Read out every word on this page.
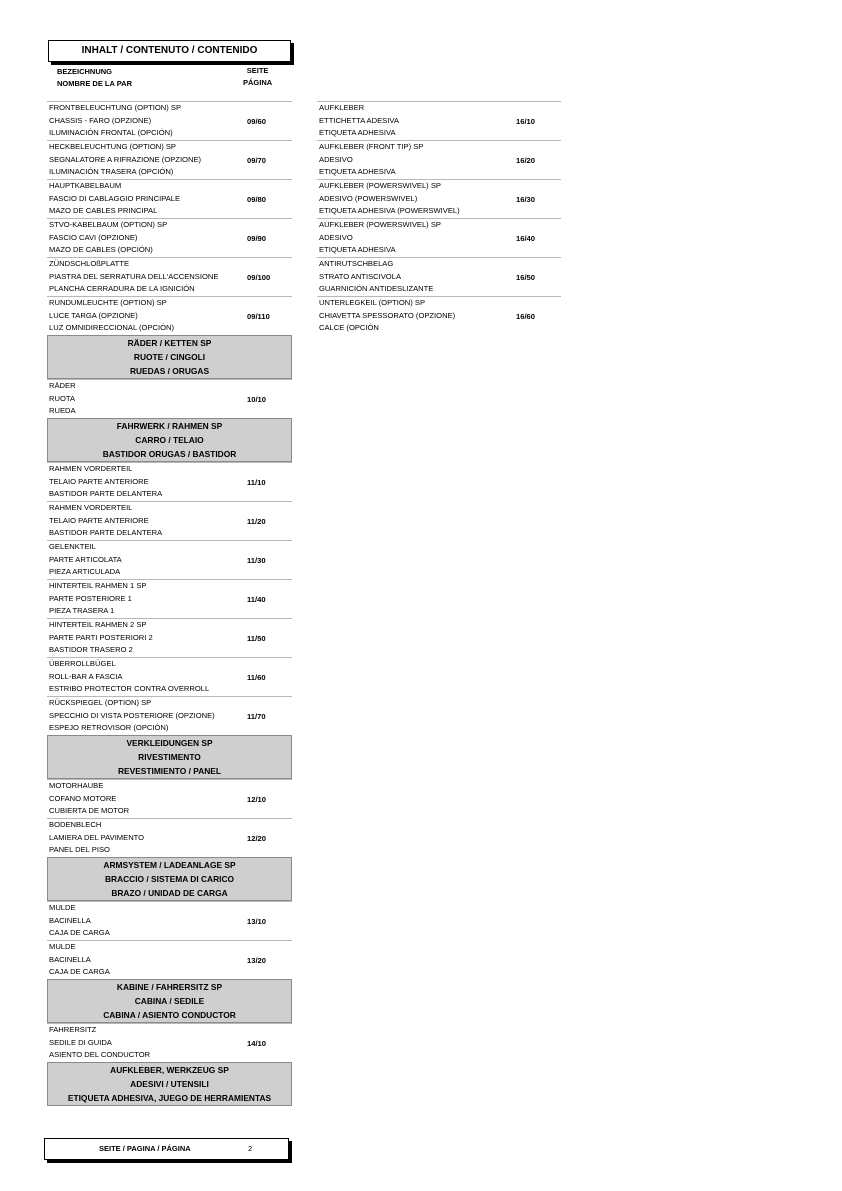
INHALT / CONTENUTO / CONTENIDO
BEZEICHNUNG
NOMBRE DE LA PAR
SEITE
PÁGINA
FRONTBELEUCHTUNG (OPTION) SP
CHASSIS - FARO (OPZIONE)
ILUMINACIÓN FRONTAL (OPCIÓN)
09/60
HECKBELEUCHTUNG (OPTION) SP
SEGNALATORE A RIFRAZIONE (OPZIONE)
ILUMINACIÓN TRASERA (OPCIÓN)
09/70
HAUPTKABELBAUM
FASCIO DI CABLAGGIO PRINCIPALE
MAZO DE CABLES PRINCIPAL
09/80
STVO-KABELBAUM (OPTION) SP
FASCIO CAVI (OPZIONE)
MAZO DE CABLES (OPCIÓN)
09/90
ZÜNDSCHLOßPLATTE
PIASTRA DEL SERRATURA DELL'ACCENSIONE
PLANCHA CERRADURA DE LA IGNICIÓN
09/100
RUNDUMLEUCHTE (OPTION) SP
LUCE TARGA (OPZIONE)
LUZ OMNIDIRECCIONAL (OPCIÓN)
09/110
RÄDER / KETTEN SP
RUOTE / CINGOLI
RUEDAS / ORUGAS
RÄDER
RUOTA
RUEDA
10/10
FAHRWERK / RAHMEN SP
CARRO / TELAIO
BASTIDOR ORUGAS / BASTIDOR
RAHMEN VORDERTEIL
TELAIO PARTE ANTERIORE
BASTIDOR PARTE DELANTERA
11/10
RAHMEN VORDERTEIL
TELAIO PARTE ANTERIORE
BASTIDOR PARTE DELANTERA
11/20
GELENKTEIL
PARTE ARTICOLATA
PIEZA ARTICULADA
11/30
HINTERTEIL RAHMEN 1 SP
PARTE POSTERIORE 1
PIEZA TRASERA 1
11/40
HINTERTEIL RAHMEN 2 SP
PARTE PARTI POSTERIORI 2
BASTIDOR TRASERO 2
11/50
ÜBERROLLBÜGEL
ROLL-BAR A FASCIA
ESTRIBO PROTECTOR CONTRA OVERROLL
11/60
RÜCKSPIEGEL (OPTION) SP
SPECCHIO DI VISTA POSTERIORE (OPZIONE)
ESPEJO RETROVISOR (OPCIÓN)
11/70
VERKLEIDUNGEN SP
RIVESTIMENTO
REVESTIMIENTO / PANEL
MOTORHAUBE
COFANO MOTORE
CUBIERTA DE MOTOR
12/10
BODENBLECH
LAMIERA DEL PAVIMENTO
PANEL DEL PISO
12/20
ARMSYSTEM / LADEANLAGE SP
BRACCIO / SISTEMA DI CARICO
BRAZO / UNIDAD DE CARGA
MULDE
BACINELLA
CAJA DE CARGA
13/10
MULDE
BACINELLA
CAJA DE CARGA
13/20
KABINE / FAHRERSITZ SP
CABINA / SEDILE
CABINA / ASIENTO CONDUCTOR
FAHRERSITZ
SEDILE DI GUIDA
ASIENTO DEL CONDUCTOR
14/10
AUFKLEBER, WERKZEUG SP
ADESIVI / UTENSILI
ETIQUETA ADHESIVA, JUEGO DE HERRAMIENTAS
AUFKLEBER
ETTICHETTA ADESIVA
ETIQUETA ADHESIVA
16/10
AUFKLEBER (FRONT TIP) SP
ADESIVO
ETIQUETA ADHESIVA
16/20
AUFKLEBER (POWERSWIVEL) SP
ADESIVO (POWERSWIVEL)
ETIQUETA ADHESIVA (POWERSWIVEL)
16/30
AUFKLEBER (POWERSWIVEL) SP
ADESIVO
ETIQUETA ADHESIVA
16/40
ANTIRUTSCHBELAG
STRATO ANTISCIVOLA
GUARNICIÓN ANTIDESLIZANTE
16/50
UNTERLEGKEIL (OPTION) SP
CHIAVETTA SPESSORATO (OPZIONE)
CALCE (OPCIÓN
16/60
SEITE / PAGINA / PÁGINA	2
